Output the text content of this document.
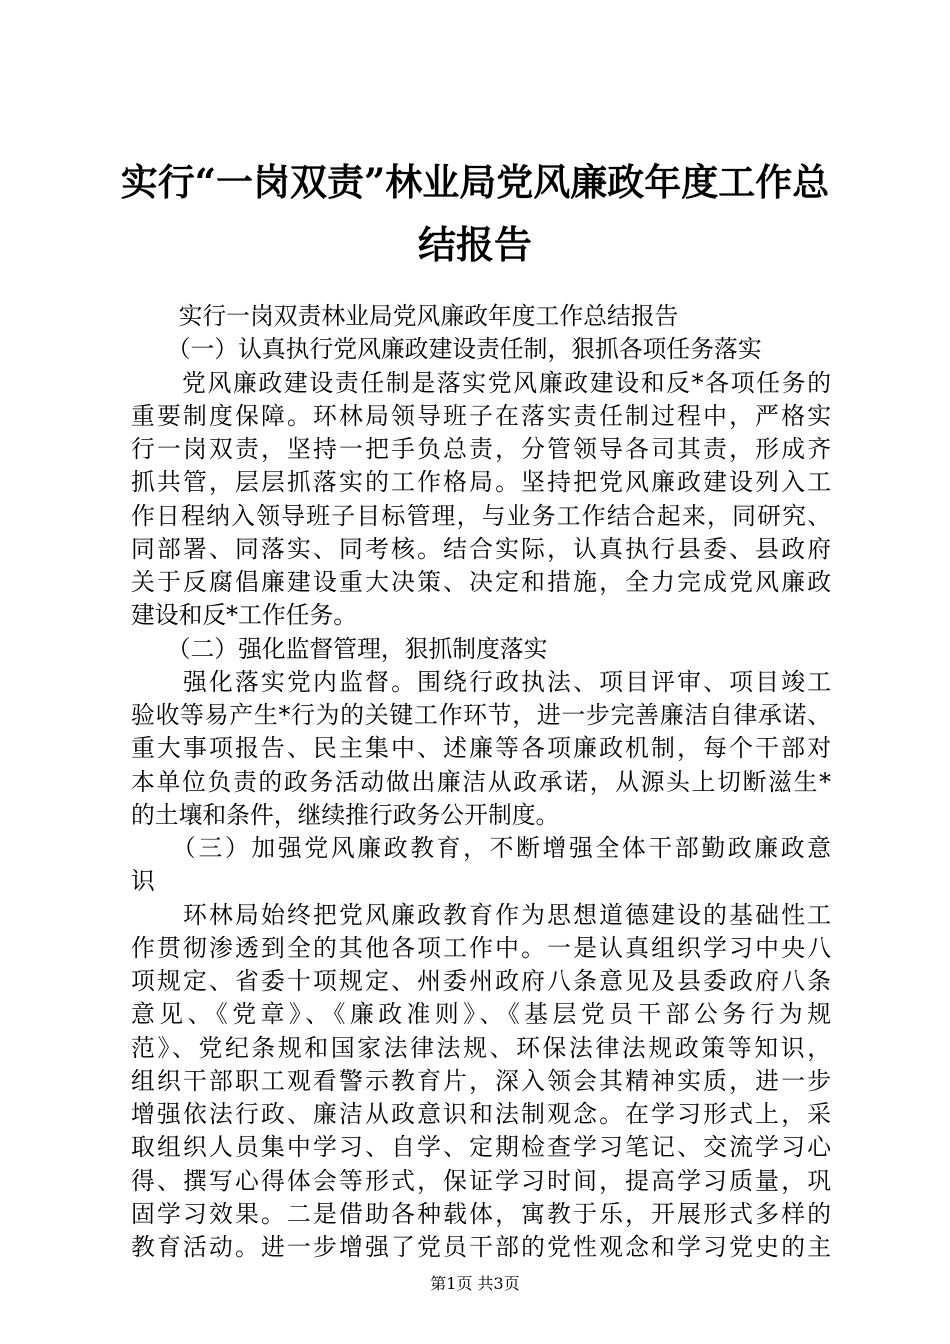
实行“一岗双责”林业局党风廉政年度工作总
结报告
　　实行一岗双责林业局党风廉政年度工作总结报告
　　（一）认真执行党风廉政建设责任制，狠抓各项任务落实
　　党风廉政建设责任制是落实党风廉政建设和反*各项任务的
重要制度保障。环林局领导班子在落实责任制过程中，严格实
行一岗双责，坚持一把手负总责，分管领导各司其责，形成齐
抓共管，层层抓落实的工作格局。坚持把党风廉政建设列入工
作日程纳入领导班子目标管理，与业务工作结合起来，同研究、
同部署、同落实、同考核。结合实际，认真执行县委、县政府
关于反腐倡廉建设重大决策、决定和措施，全力完成党风廉政
建设和反*工作任务。
　　（二）强化监督管理，狠抓制度落实
　　强化落实党内监督。围绕行政执法、项目评审、项目竣工
验收等易产生*行为的关键工作环节，进一步完善廉洁自律承诺、
重大事项报告、民主集中、述廉等各项廉政机制，每个干部对
本单位负责的政务活动做出廉洁从政承诺，从源头上切断滋生*
的土壤和条件，继续推行政务公开制度。
　　（三）加强党风廉政教育，不断增强全体干部勤政廉政意
识
　　环林局始终把党风廉政教育作为思想道德建设的基础性工
作贯彻渗透到全的其他各项工作中。一是认真组织学习中央八
项规定、省委十项规定、州委州政府八条意见及县委政府八条
意见、《党章》、《廉政准则》、《基层党员干部公务行为规
范》、党纪条规和国家法律法规、环保法律法规政策等知识，
组织干部职工观看警示教育片，深入领会其精神实质，进一步
增强依法行政、廉洁从政意识和法制观念。在学习形式上，采
取组织人员集中学习、自学、定期检查学习笔记、交流学习心
得、撰写心得体会等形式，保证学习时间，提高学习质量，巩
固学习效果。二是借助各种载体，寓教于乐，开展形式多样的
教育活动。进一步增强了党员干部的党性观念和学习党史的主
第1页 共3页
